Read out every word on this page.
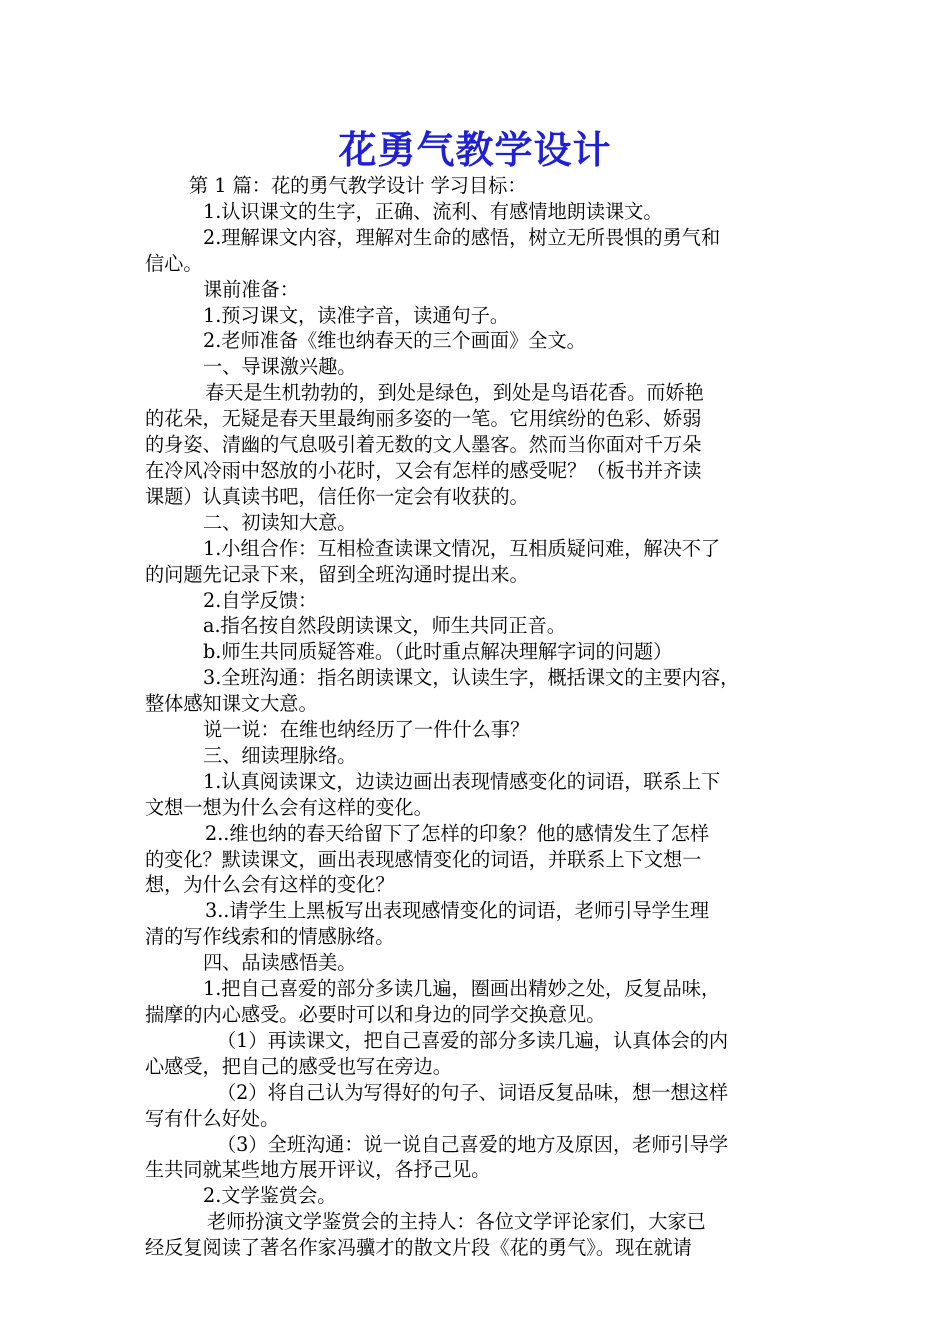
花勇气教学设计

第 1 篇：花的勇气教学设计 学习目标：

1.认识课文的生字，正确、流利、有感情地朗读课文。

2.理解课文内容，理解对生命的感悟，树立无所畏惧的勇气和

信心。

课前准备：

1.预习课文，读准字音，读通句子。

2.老师准备《维也纳春天的三个画面》全文。

一、导课激兴趣。

春天是生机勃勃的，到处是绿色，到处是鸟语花香。而娇艳

的花朵，无疑是春天里最绚丽多姿的一笔。它用缤纷的色彩、娇弱

的身姿、清幽的气息吸引着无数的文人墨客。然而当你面对千万朵

在冷风冷雨中怒放的小花时，又会有怎样的感受呢？（板书并齐读

课题）认真读书吧，信任你一定会有收获的。

二、初读知大意。

1.小组合作：互相检查读课文情况，互相质疑问难，解决不了

的问题先记录下来，留到全班沟通时提出来。

2.自学反馈：

a.指名按自然段朗读课文，师生共同正音。

b.师生共同质疑答难。（此时重点解决理解字词的问题）

3.全班沟通：指名朗读课文，认读生字，概括课文的主要内容，

整体感知课文大意。

说一说：在维也纳经历了一件什么事？

三、细读理脉络。

1.认真阅读课文，边读边画出表现情感变化的词语，联系上下

文想一想为什么会有这样的变化。

2..维也纳的春天给留下了怎样的印象？他的感情发生了怎样

的变化？默读课文，画出表现感情变化的词语，并联系上下文想一

想，为什么会有这样的变化？

3..请学生上黑板写出表现感情变化的词语，老师引导学生理

清的写作线索和的情感脉络。

四、品读感悟美。

1.把自己喜爱的部分多读几遍，圈画出精妙之处，反复品味，

揣摩的内心感受。必要时可以和身边的同学交换意见。

（1）再读课文，把自己喜爱的部分多读几遍，认真体会的内

心感受，把自己的感受也写在旁边。

（2）将自己认为写得好的句子、词语反复品味，想一想这样

写有什么好处。

（3）全班沟通：说一说自己喜爱的地方及原因，老师引导学

生共同就某些地方展开评议，各抒己见。

2.文学鉴赏会。

老师扮演文学鉴赏会的主持人：各位文学评论家们，大家已

经反复阅读了著名作家冯骥才的散文片段《花的勇气》。现在就请
